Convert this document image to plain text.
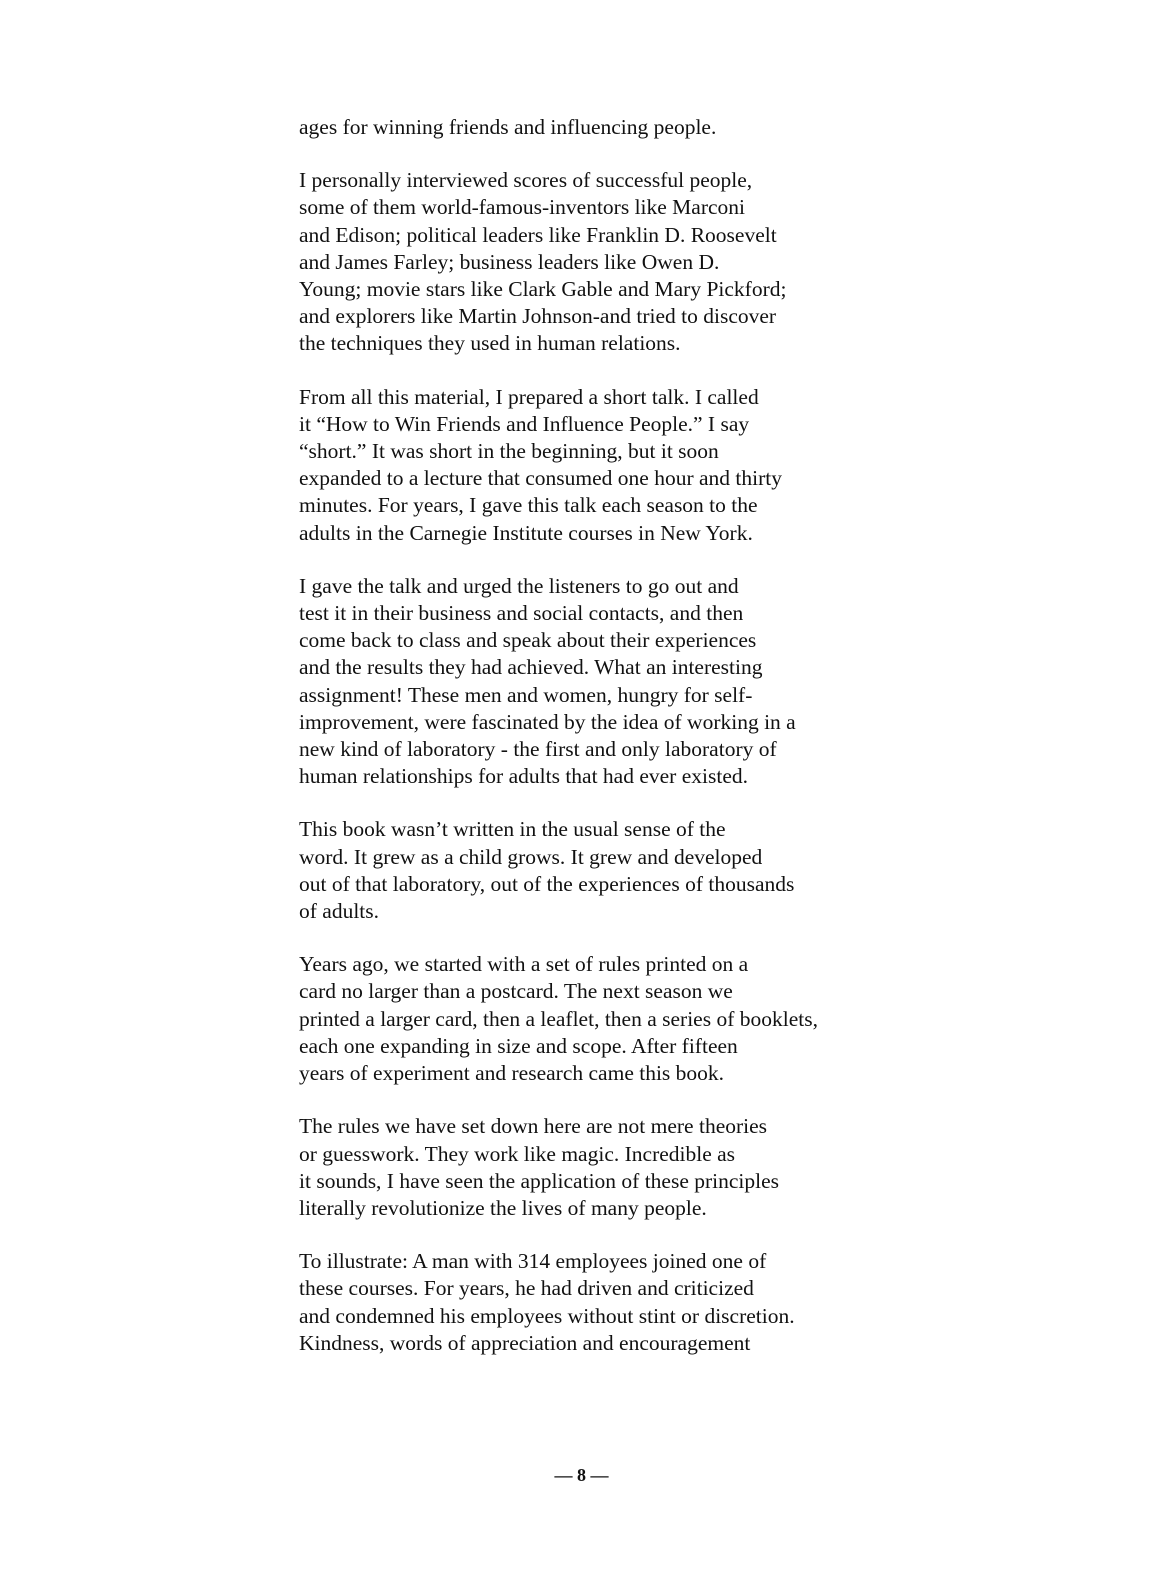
ages for winning friends and influencing people.

I personally interviewed scores of successful people,
some of them world-famous-inventors like Marconi
and Edison; political leaders like Franklin D. Roosevelt
and James Farley; business leaders like Owen D.
Young; movie stars like Clark Gable and Mary Pickford;
and explorers like Martin Johnson-and tried to discover
the techniques they used in human relations.

From all this material, I prepared a short talk. I called
it “How to Win Friends and Influence People.” I say
“short.” It was short in the beginning, but it soon
expanded to a lecture that consumed one hour and thirty
minutes. For years, I gave this talk each season to the
adults in the Carnegie Institute courses in New York.

I gave the talk and urged the listeners to go out and
test it in their business and social contacts, and then
come back to class and speak about their experiences
and the results they had achieved. What an interesting
assignment! These men and women, hungry for self-
improvement, were fascinated by the idea of working in a
new kind of laboratory - the first and only laboratory of
human relationships for adults that had ever existed.

This book wasn’t written in the usual sense of the
word. It grew as a child grows. It grew and developed
out of that laboratory, out of the experiences of thousands
of adults.

Years ago, we started with a set of rules printed on a
card no larger than a postcard. The next season we
printed a larger card, then a leaflet, then a series of booklets,
each one expanding in size and scope. After fifteen
years of experiment and research came this book.

The rules we have set down here are not mere theories
or guesswork. They work like magic. Incredible as
it sounds, I have seen the application of these principles
literally revolutionize the lives of many people.

To illustrate: A man with 314 employees joined one of
these courses. For years, he had driven and criticized
and condemned his employees without stint or discretion.
Kindness, words of appreciation and encouragement

— 8 —
